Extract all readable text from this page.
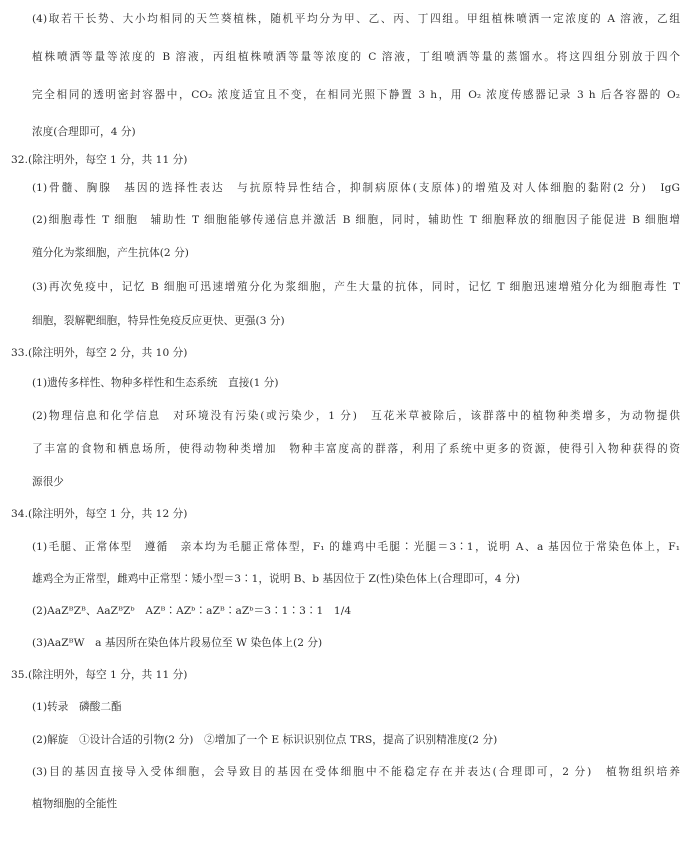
(4)取若干长势、大小均相同的天竺葵植株，随机平均分为甲、乙、丙、丁四组。甲组植株喷洒一定浓度的 A 溶液，乙组
植株喷洒等量等浓度的 B 溶液，丙组植株喷洒等量等浓度的 C 溶液，丁组喷洒等量的蒸馏水。将这四组分别放于四个
完全相同的透明密封容器中，CO₂ 浓度适宜且不变，在相同光照下静置 3 h，用 O₂ 浓度传感器记录 3 h 后各容器的 O₂
浓度(合理即可，4 分)
32.(除注明外，每空 1 分，共 11 分)
(1)骨髓、胸腺　基因的选择性表达　与抗原特异性结合，抑制病原体(支原体)的增殖及对人体细胞的黏附(2 分)　IgG
(2)细胞毒性 T 细胞　辅助性 T 细胞能够传递信息并激活 B 细胞，同时，辅助性 T 细胞释放的细胞因子能促进 B 细胞增
殖分化为浆细胞，产生抗体(2 分)
(3)再次免疫中，记忆 B 细胞可迅速增殖分化为浆细胞，产生大量的抗体，同时，记忆 T 细胞迅速增殖分化为细胞毒性 T
细胞，裂解靶细胞，特异性免疫反应更快、更强(3 分)
33.(除注明外，每空 2 分，共 10 分)
(1)遗传多样性、物种多样性和生态系统　直接(1 分)
(2)物理信息和化学信息　对环境没有污染(或污染少，1 分)　互花米草被除后，该群落中的植物种类增多，为动物提供
了丰富的食物和栖息场所，使得动物种类增加　物种丰富度高的群落，利用了系统中更多的资源，使得引入物种获得的资
源很少
34.(除注明外，每空 1 分，共 12 分)
(1)毛腿、正常体型　遵循　亲本均为毛腿正常体型，F₁ 的雄鸡中毛腿∶光腿＝3∶1，说明 A、a 基因位于常染色体上，F₁
雄鸡全为正常型，雌鸡中正常型∶矮小型＝3∶1，说明 B、b 基因位于 Z(性)染色体上(合理即可，4 分)
(2)AaZᴮZᴮ、AaZᴮZᵇ　AZᴮ∶AZᵇ∶aZᴮ∶aZᵇ＝3∶1∶3∶1　1/4
(3)AaZᴮW　a 基因所在染色体片段易位至 W 染色体上(2 分)
35.(除注明外，每空 1 分，共 11 分)
(1)转录　磷酸二酯
(2)解旋　①设计合适的引物(2 分)　②增加了一个 E 标识识别位点 TRS，提高了识别精准度(2 分)
(3)目的基因直接导入受体细胞，会导致目的基因在受体细胞中不能稳定存在并表达(合理即可，2 分)　植物组织培养
植物细胞的全能性
